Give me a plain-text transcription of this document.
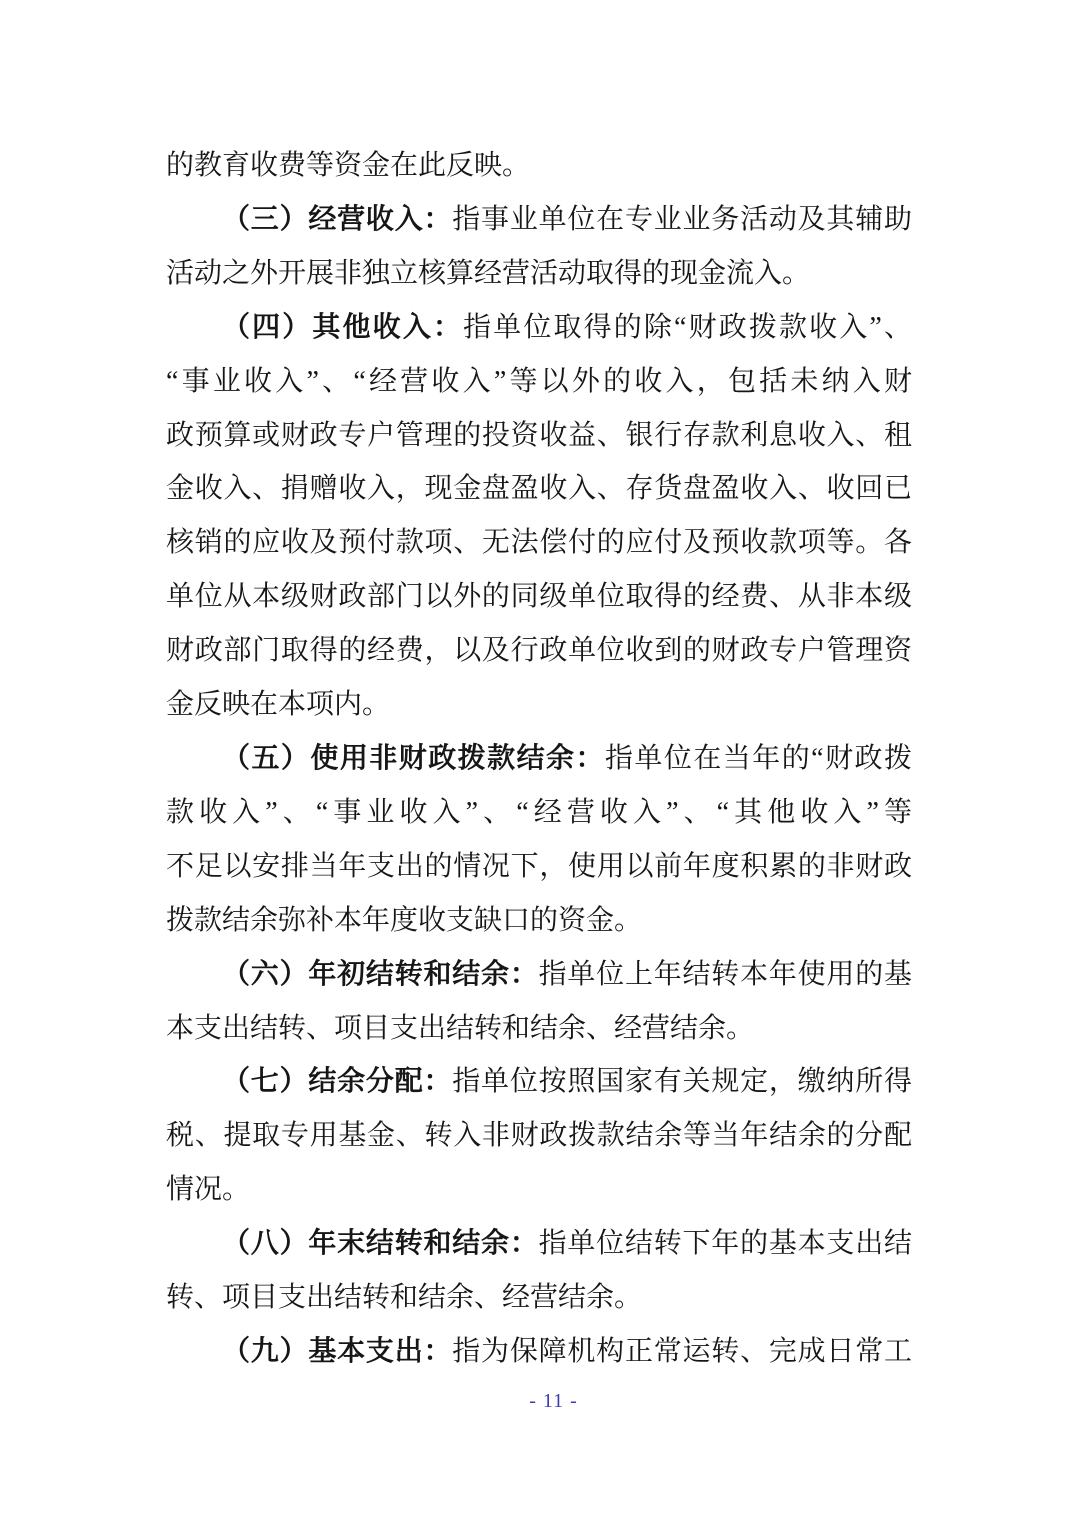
的教育收费等资金在此反映。
（三）经营收入：指事业单位在专业业务活动及其辅助
活动之外开展非独立核算经营活动取得的现金流入。
（四）其他收入：指单位取得的除“财政拨款收入”、
“事业收入”、“经营收入”等以外的收入，包括未纳入财
政预算或财政专户管理的投资收益、银行存款利息收入、租
金收入、捐赠收入，现金盘盈收入、存货盘盈收入、收回已
核销的应收及预付款项、无法偿付的应付及预收款项等。各
单位从本级财政部门以外的同级单位取得的经费、从非本级
财政部门取得的经费，以及行政单位收到的财政专户管理资
金反映在本项内。
（五）使用非财政拨款结余：指单位在当年的“财政拨
款收入”、“事业收入”、“经营收入”、“其他收入”等
不足以安排当年支出的情况下，使用以前年度积累的非财政
拨款结余弥补本年度收支缺口的资金。
（六）年初结转和结余：指单位上年结转本年使用的基
本支出结转、项目支出结转和结余、经营结余。
（七）结余分配：指单位按照国家有关规定，缴纳所得
税、提取专用基金、转入非财政拨款结余等当年结余的分配
情况。
（八）年末结转和结余：指单位结转下年的基本支出结
转、项目支出结转和结余、经营结余。
（九）基本支出：指为保障机构正常运转、完成日常工
- 11 -
